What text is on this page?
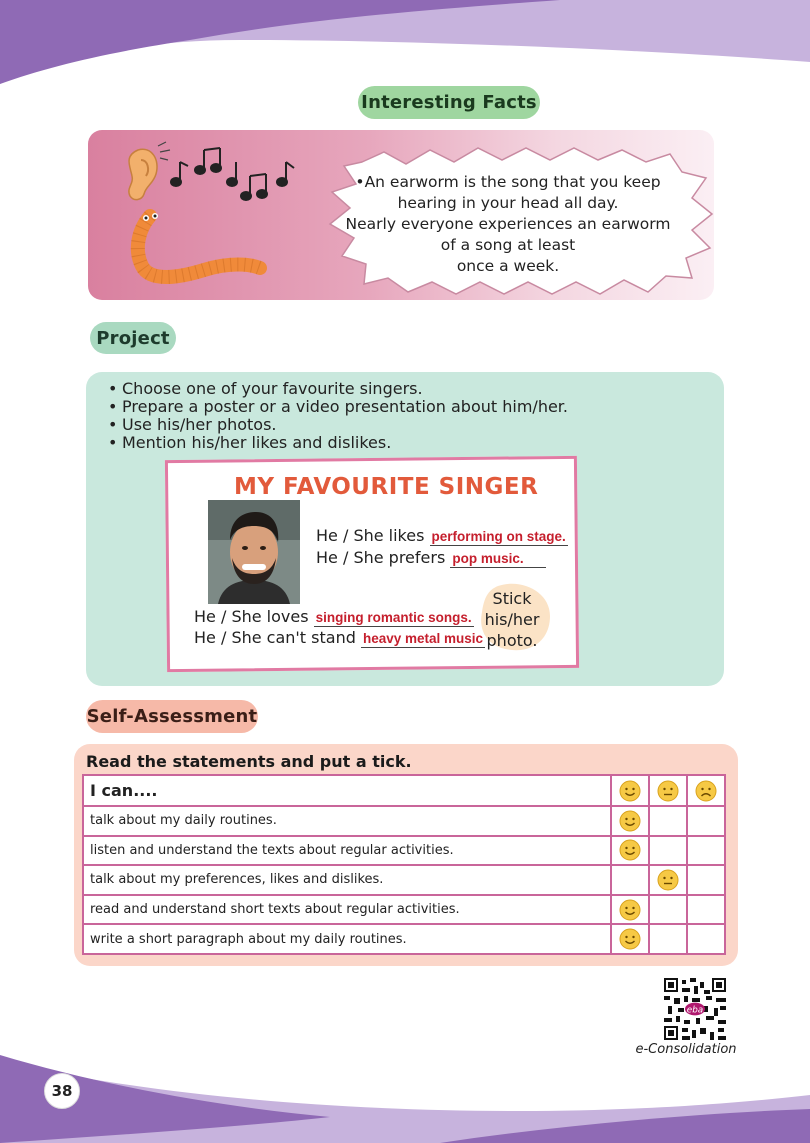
Interesting Facts
•An earworm is the song that you keep
hearing in your head all day.
Nearly everyone experiences an earworm
of a song at least
once a week.
Project
• Choose one of your favourite singers.
• Prepare a poster or a video presentation about him/her.
• Use his/her photos.
• Mention his/her likes and dislikes.
MY FAVOURITE SINGER
He / She likes performing on stage.
He / She prefers pop music.
Stick
his/her
photo.
He / She loves singing romantic songs.
He / She can't stand heavy metal music
Self-Assessment
Read the statements and put a tick.
I can....			
talk about my daily routines.			
listen and understand the texts about regular activities.			
talk about my preferences, likes and dislikes.			
read and understand short texts about regular activities.			
write a short paragraph about my daily routines.			
eba
e-Consolidation
38
